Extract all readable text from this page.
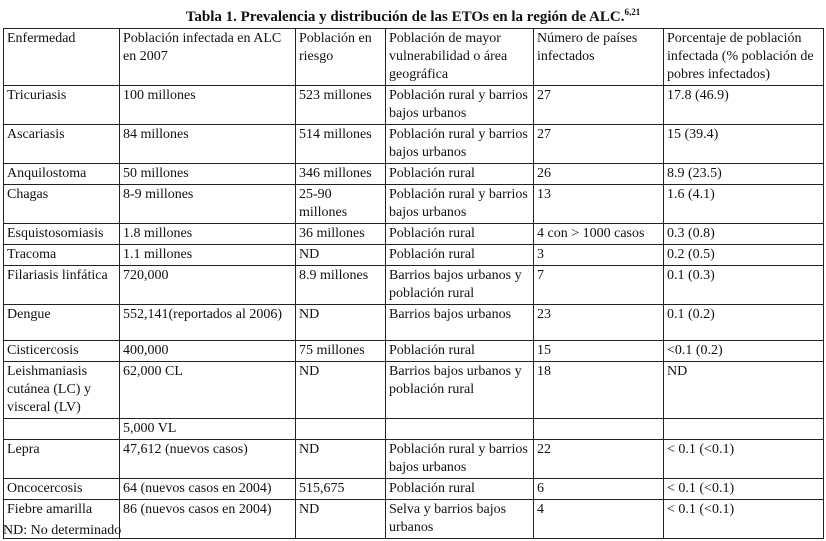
Tabla 1. Prevalencia y distribución de las ETOs en la región de ALC.$^{6,21}$
Enfermedad	Población infectada en ALC en 2007	Población en riesgo	Población de mayor vulnerabilidad o área geográfica	Número de países infectados	Porcentaje de población infectada (% población de pobres infectados)
Tricuriasis	100 millones	523 millones	Población rural y barrios bajos urbanos	27	17.8 (46.9)
Ascariasis	84 millones	514 millones	Población rural y barrios bajos urbanos	27	15 (39.4)
Anquilostoma	50 millones	346 millones	Población rural	26	8.9 (23.5)
Chagas	8-9 millones	25-90 millones	Población rural y barrios bajos urbanos	13	1.6 (4.1)
Esquistosomiasis	1.8 millones	36 millones	Población rural	4 con > 1000 casos	0.3 (0.8)
Tracoma	1.1 millones	ND	Población rural	3	0.2 (0.5)
Filariasis linfática	720,000	8.9 millones	Barrios bajos urbanos y población rural	7	0.1 (0.3)
Dengue	552,141(reportados al 2006)	ND	Barrios bajos urbanos	23	0.1 (0.2)
Cisticercosis	400,000	75 millones	Población rural	15	<0.1 (0.2)
Leishmaniasis cutánea (LC) y visceral (LV)	62,000 CL	ND	Barrios bajos urbanos y población rural	18	ND
	5,000 VL				
Lepra	47,612 (nuevos casos)	ND	Población rural y barrios bajos urbanos	22	< 0.1 (<0.1)
Oncocercosis	64 (nuevos casos en 2004)	515,675	Población rural	6	< 0.1 (<0.1)
Fiebre amarilla	86 (nuevos casos en 2004)	ND	Selva y barrios bajos urbanos	4	< 0.1 (<0.1)
ND: No determinado
